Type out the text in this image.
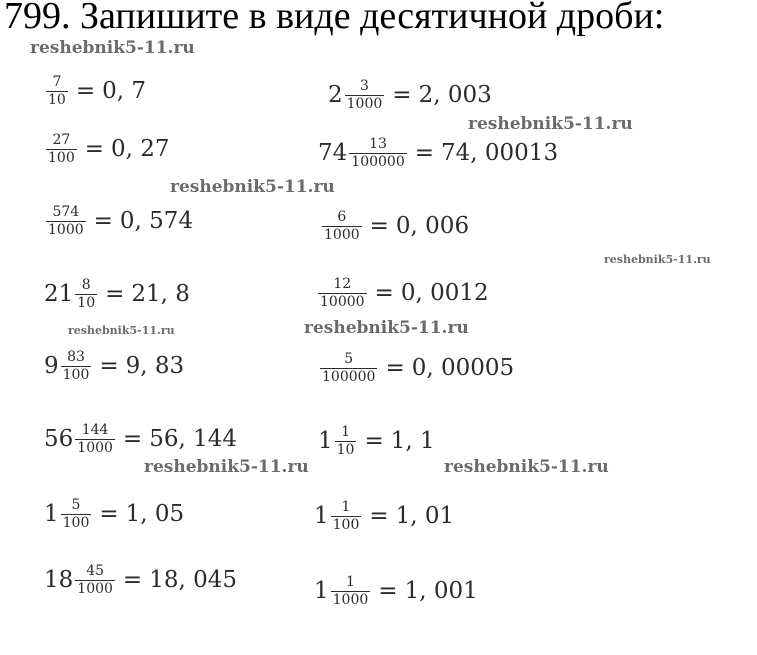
799. Запишите в виде десятичной дроби:
$\frac{7}{10} = 0$, 7
$\frac{27}{100} = 0$, 27
$\frac{574}{1000} = 0$, 574
$21 \frac{8}{10} = 21$, 8
$9 \frac{83}{100} = 9$, 83
$56 \frac{144}{1000} = 56$, 144
$1 \frac{5}{100} = 1$, 05
$18 \frac{45}{1000} = 18$, 045
$2 \frac{3}{1000} = 2$, 003
$74 \frac{13}{100000} = 74$, 00013
$\frac{6}{1000} = 0$, 006
$\frac{12}{10000} = 0$, 0012
$\frac{5}{100000} = 0$, 00005
$1 \frac{1}{10} = 1$, 1
$1 \frac{1}{100} = 1$, 01
$1 \frac{1}{1000} = 1$, 001
reshebnik5-11.ru
reshebnik5-11.ru
reshebnik5-11.ru
reshebnik5-11.ru
reshebnik5-11.ru	reshebnik5-11.ru
reshebnik5-11.ru	reshebnik5-11.ru
